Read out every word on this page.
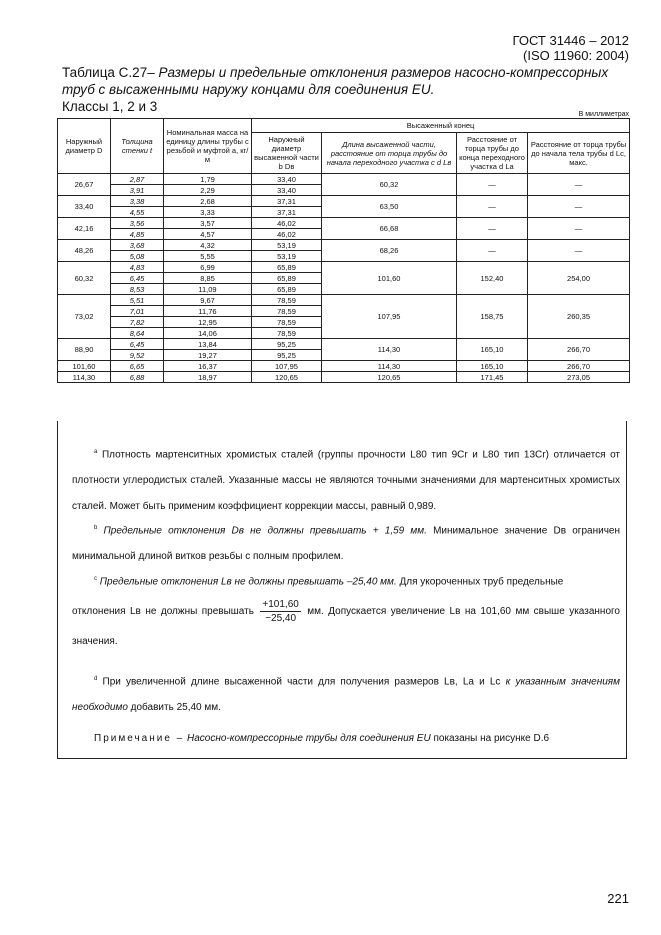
ГОСТ 31446 – 2012
(ISO 11960: 2004)
Таблица С.27– Размеры и предельные отклонения размеров насосно-компрессорных труб с высаженными наружу концами для соединения EU.
Классы 1, 2 и 3
В миллиметрах
Наружный диаметр D	Толщина стенки t	Номинальная масса на единицу длины трубы с резьбой и муфтой a, кг/м	Высаженный конец			
			Наружный диаметр высаженной части b Dв	Длина высаженной части, расстояние от торца трубы до начала переходного участка c d Lв	Расстояние от торца трубы до конца переходного участка d Lа	Расстояние от торца трубы до начала тела трубы d Lс, макс.
26,67	2,87	1,79	33,40	60,32	—	—
	3,91	2,29	33,40			
33,40	3,38	2,68	37,31	63,50	—	—
	4,55	3,33	37,31			
42,16	3,56	3,57	46,02	66,68	—	—
	4,85	4,57	46,02			
48,26	3,68	4,32	53,19	68,26	—	—
	5,08	5,55	53,19			
60,32	4,83	6,99	65,89	101,60	152,40	254,00
	6,45	8,85	65,89			
	8,53	11,09	65,89			
73,02	5,51	9,67	78,59	107,95	158,75	260,35
	7,01	11,76	78,59			
	7,82	12,95	78,59			
	8,64	14,06	78,59			
88,90	6,45	13,84	95,25	114,30	165,10	266,70
	9,52	19,27	95,25			
101,60	6,65	16,37	107,95	114,30	165,10	266,70
114,30	6,88	18,97	120,65	120,65	171,45	273,05
$^a$ Плотность мартенситных хромистых сталей (группы прочности L80 тип 9Cr и L80 тип 13Cr) отличается от плотности углеродистых сталей. Указанные массы не являются точными значениями для мартенситных хромистых сталей. Может быть применим коэффициент коррекции массы, равный 0,989.
$^b$ Предельные отклонения Dв не должны превышать + 1,59 мм. Минимальное значение Dв ограничен минимальной длиной витков резьбы с полным профилем.
$^c$ Предельные отклонения Lв не должны превышать –25,40 мм. Для укороченных труб предельные
отклонения Lв не должны превышать $\frac{+101,60}{-25,40}$ мм. Допускается увеличение Lв на 101,60 мм свыше указанного значения.
$^d$ При увеличенной длине высаженной части для получения размеров Lв, Lа и Lс к указанным значениям необходимо добавить 25,40 мм.
Примечание – Насосно-компрессорные трубы для соединения EU показаны на рисунке D.6
221
